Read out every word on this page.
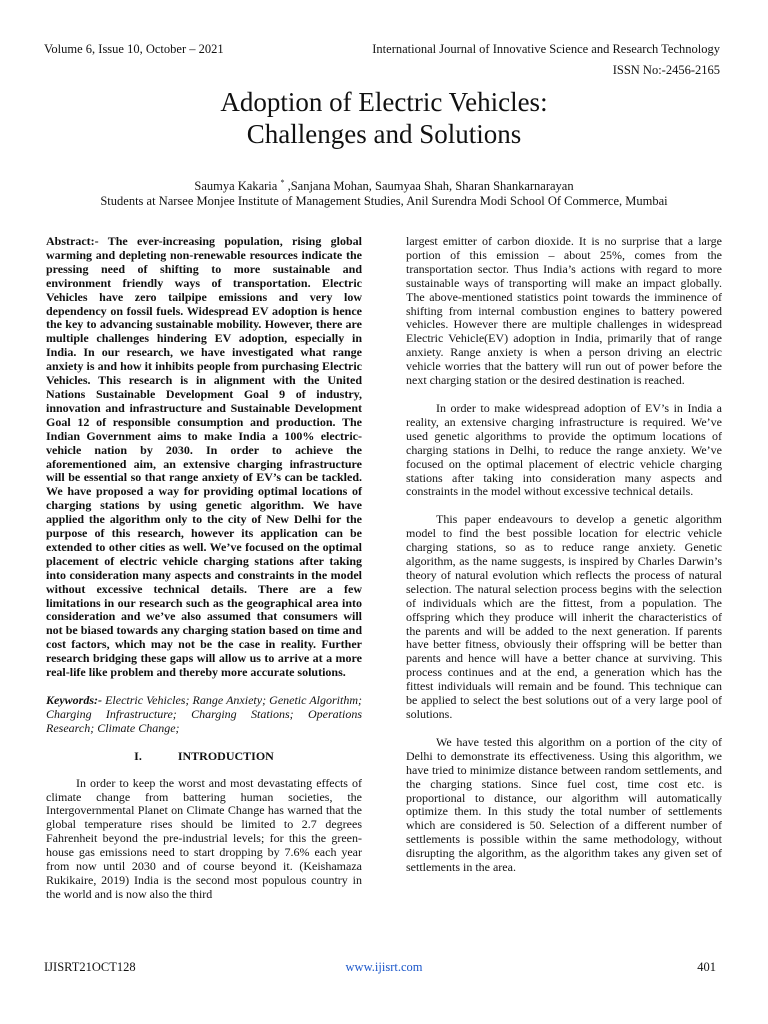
Volume 6, Issue 10, October – 2021	International Journal of Innovative Science and Research Technology
ISSN No:-2456-2165
Adoption of Electric Vehicles:
Challenges and Solutions
Saumya Kakaria * ,Sanjana Mohan, Saumyaa Shah, Sharan Shankarnarayan
Students at Narsee Monjee Institute of Management Studies, Anil Surendra Modi School Of Commerce, Mumbai

Abstract:- The ever-increasing population, rising global warming and depleting non-renewable resources indicate the pressing need of shifting to more sustainable and environment friendly ways of transportation. Electric Vehicles have zero tailpipe emissions and very low dependency on fossil fuels. Widespread EV adoption is hence the key to advancing sustainable mobility. However, there are multiple challenges hindering EV adoption, especially in India. In our research, we have investigated what range anxiety is and how it inhibits people from purchasing Electric Vehicles. This research is in alignment with the United Nations Sustainable Development Goal 9 of industry, innovation and infrastructure and Sustainable Development Goal 12 of responsible consumption and production. The Indian Government aims to make India a 100% electric-vehicle nation by 2030. In order to achieve the aforementioned aim, an extensive charging infrastructure will be essential so that range anxiety of EV’s can be tackled. We have proposed a way for providing optimal locations of charging stations by using genetic algorithm. We have applied the algorithm only to the city of New Delhi for the purpose of this research, however its application can be extended to other cities as well. We’ve focused on the optimal placement of electric vehicle charging stations after taking into consideration many aspects and constraints in the model without excessive technical details. There are a few limitations in our research such as the geographical area into consideration and we’ve also assumed that consumers will not be biased towards any charging station based on time and cost factors, which may not be the case in reality. Further research bridging these gaps will allow us to arrive at a more real-life like problem and thereby more accurate solutions.

Keywords:- Electric Vehicles; Range Anxiety; Genetic Algorithm; Charging Infrastructure; Charging Stations; Operations Research; Climate Change;

I.	INTRODUCTION

In order to keep the worst and most devastating effects of climate change from battering human societies, the Intergovernmental Planet on Climate Change has warned that the global temperature rises should be limited to 2.7 degrees Fahrenheit beyond the pre-industrial levels; for this the green-house gas emissions need to start dropping by 7.6% each year from now until 2030 and of course beyond it. (Keishamaza Rukikaire, 2019) India is the second most populous country in the world and is now also the third

largest emitter of carbon dioxide. It is no surprise that a large portion of this emission – about 25%, comes from the transportation sector. Thus India’s actions with regard to more sustainable ways of transporting will make an impact globally. The above-mentioned statistics point towards the imminence of shifting from internal combustion engines to battery powered vehicles. However there are multiple challenges in widespread Electric Vehicle(EV) adoption in India, primarily that of range anxiety. Range anxiety is when a person driving an electric vehicle worries that the battery will run out of power before the next charging station or the desired destination is reached.

In order to make widespread adoption of EV’s in India a reality, an extensive charging infrastructure is required. We’ve used genetic algorithms to provide the optimum locations of charging stations in Delhi, to reduce the range anxiety. We’ve focused on the optimal placement of electric vehicle charging stations after taking into consideration many aspects and constraints in the model without excessive technical details.

This paper endeavours to develop a genetic algorithm model to find the best possible location for electric vehicle charging stations, so as to reduce range anxiety. Genetic algorithm, as the name suggests, is inspired by Charles Darwin’s theory of natural evolution which reflects the process of natural selection. The natural selection process begins with the selection of individuals which are the fittest, from a population. The offspring which they produce will inherit the characteristics of the parents and will be added to the next generation. If parents have better fitness, obviously their offspring will be better than parents and hence will have a better chance at surviving. This process continues and at the end, a generation which has the fittest individuals will remain and be found. This technique can be applied to select the best solutions out of a very large pool of solutions.

We have tested this algorithm on a portion of the city of Delhi to demonstrate its effectiveness. Using this algorithm, we have tried to minimize distance between random settlements, and the charging stations. Since fuel cost, time cost etc. is proportional to distance, our algorithm will automatically optimize them. In this study the total number of settlements which are considered is 50. Selection of a different number of settlements is possible within the same methodology, without disrupting the algorithm, as the algorithm takes any given set of settlements in the area.

IJISRT21OCT128	www.ijisrt.com	401
